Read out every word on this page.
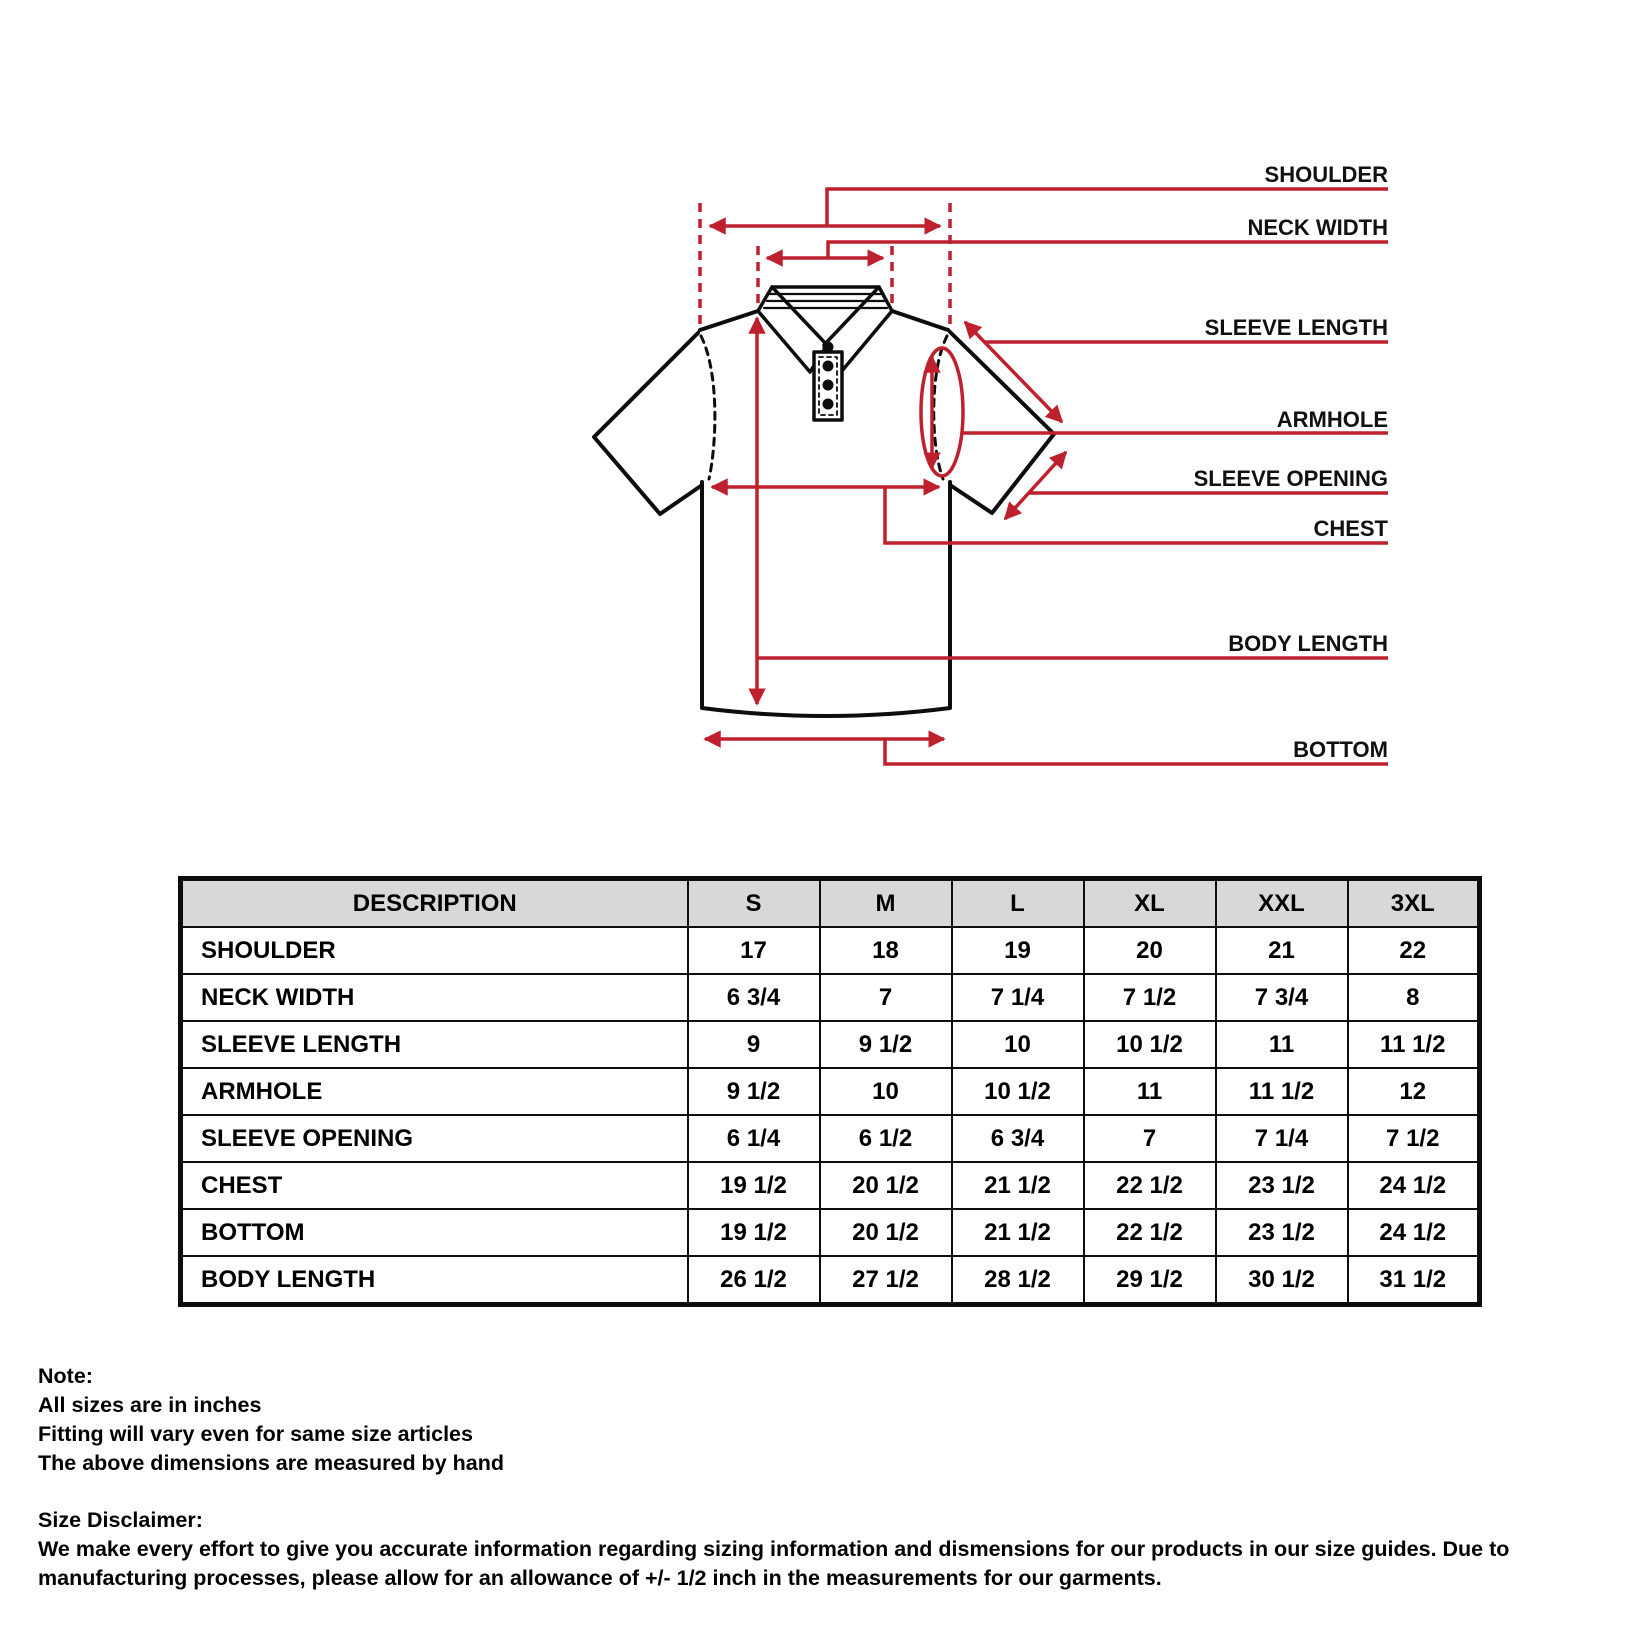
SHOULDER
NECK WIDTH
SLEEVE LENGTH
ARMHOLE
SLEEVE OPENING
CHEST
BODY LENGTH
BOTTOM
DESCRIPTION	S	M	L	XL	XXL	3XL
SHOULDER	17	18	19	20	21	22
NECK WIDTH	6 3/4	7	7 1/4	7 1/2	7 3/4	8
SLEEVE LENGTH	9	9 1/2	10	10 1/2	11	11 1/2
ARMHOLE	9 1/2	10	10 1/2	11	11 1/2	12
SLEEVE OPENING	6 1/4	6 1/2	6 3/4	7	7 1/4	7 1/2
CHEST	19 1/2	20 1/2	21 1/2	22 1/2	23 1/2	24 1/2
BOTTOM	19 1/2	20 1/2	21 1/2	22 1/2	23 1/2	24 1/2
BODY LENGTH	26 1/2	27 1/2	28 1/2	29 1/2	30 1/2	31 1/2
Note:
All sizes are in inches
Fitting will vary even for same size articles
The above dimensions are measured by hand
Size Disclaimer:
We make every effort to give you accurate information regarding sizing information and dismensions for our products in our size guides. Due to manufacturing processes, please allow for an allowance of +/- 1/2 inch in the measurements for our garments.
